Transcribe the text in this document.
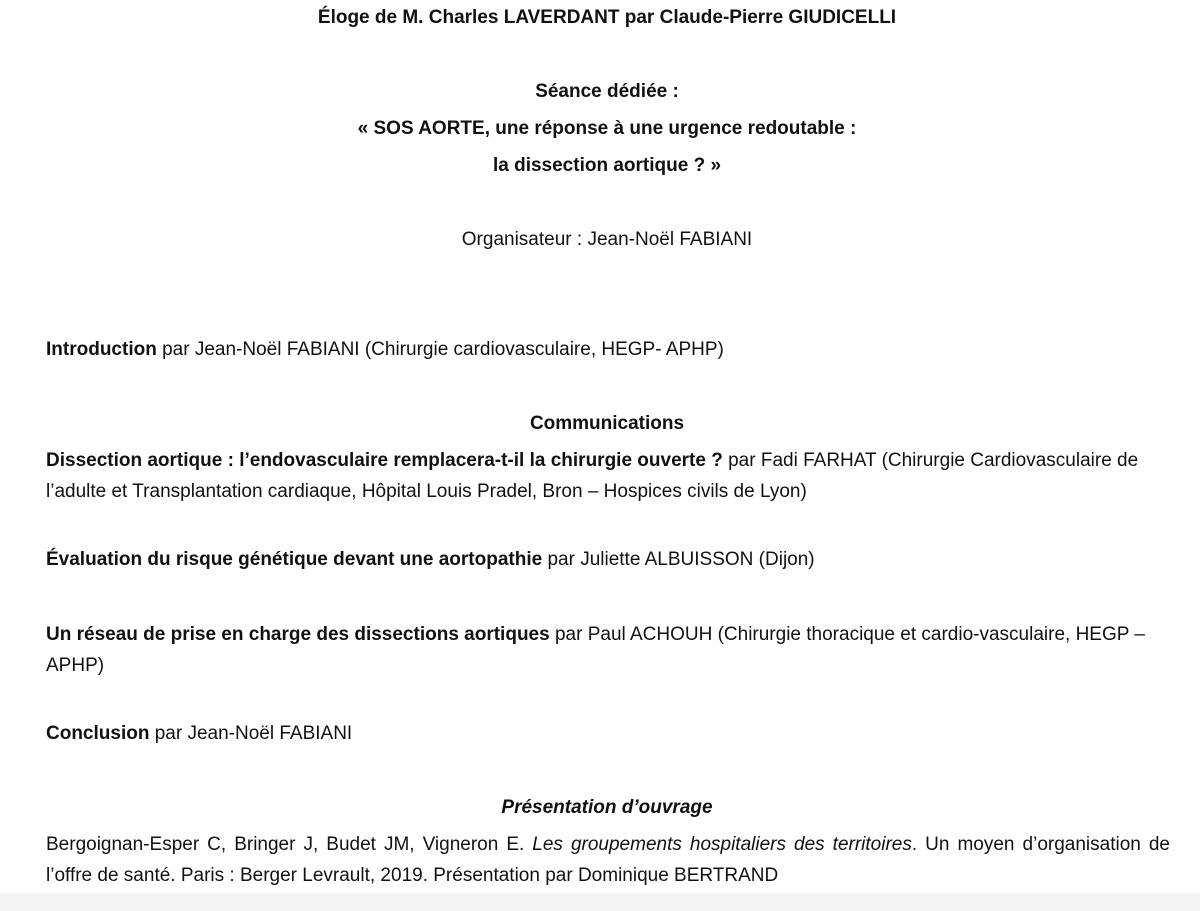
Éloge de M. Charles LAVERDANT par Claude-Pierre GIUDICELLI
Séance dédiée :
« SOS AORTE, une réponse à une urgence redoutable :
la dissection aortique ? »
Organisateur : Jean-Noël FABIANI
Introduction par Jean-Noël FABIANI (Chirurgie cardiovasculaire, HEGP- APHP)
Communications
Dissection aortique : l’endovasculaire remplacera-t-il la chirurgie ouverte ? par Fadi FARHAT (Chirurgie Cardiovasculaire de l’adulte et Transplantation cardiaque, Hôpital Louis Pradel, Bron – Hospices civils de Lyon)
Évaluation du risque génétique devant une aortopathie par Juliette ALBUISSON (Dijon)
Un réseau de prise en charge des dissections aortiques par Paul ACHOUH (Chirurgie thoracique et cardio-vasculaire, HEGP – APHP)
Conclusion par Jean-Noël FABIANI
Présentation d’ouvrage
Bergoignan-Esper C, Bringer J, Budet JM, Vigneron E. Les groupements hospitaliers des territoires. Un moyen d’organisation de l’offre de santé. Paris : Berger Levrault, 2019. Présentation par Dominique BERTRAND
